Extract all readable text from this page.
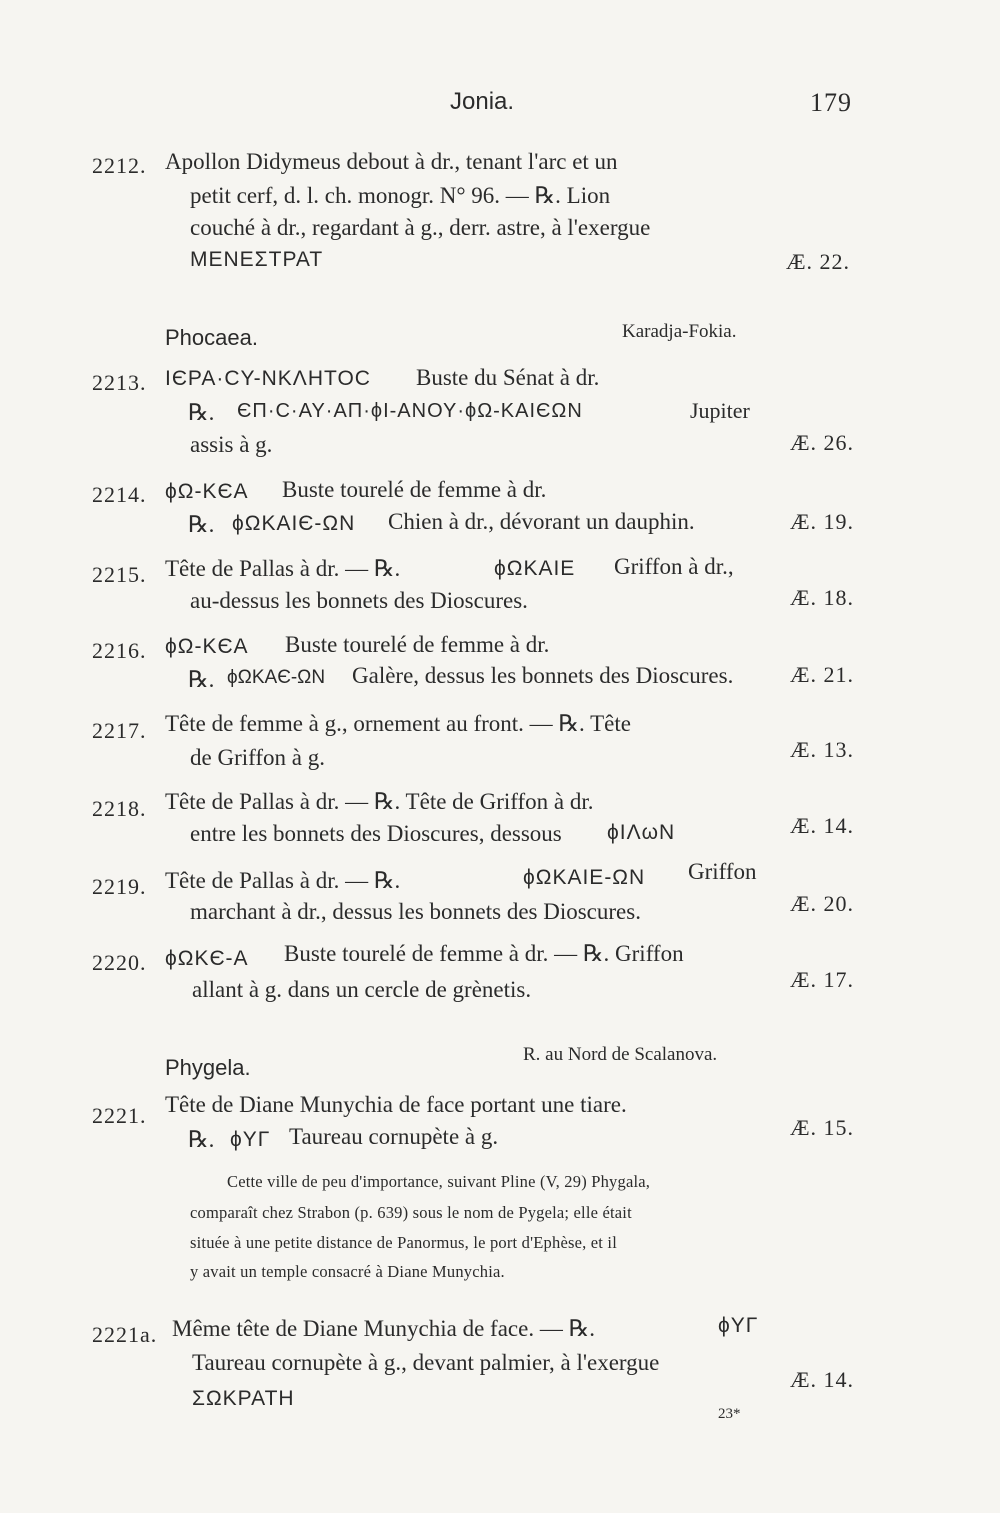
Jonia.	179
2212. Apollon Didymeus debout à dr., tenant l'arc et un
petit cerf, d. l. ch. monogr. N° 96. — ℞. Lion
couché à dr., regardant à g., derr. astre, à l'exergue
ΜΕΝΕΣΤΡΑΤ	Æ. 22.
Phocaea.	Karadja-Fokia.
2213. ΙЄΡΑ·CΥ-ΝΚΛΗΤΟC Buste du Sénat à dr.
℞. ЄΠ·C·ΑΥ·ΑΠ·ϕΙ-ΑΝΟΥ·ϕΩ-ΚΑΙЄΩΝ	Jupiter
assis à g.	Æ. 26.
2214. ϕΩ-ΚЄΑ Buste tourelé de femme à dr.
℞. ϕΩΚΑΙЄ-ΩΝ Chien à dr., dévorant un dauphin.	Æ. 19.
2215. Tête de Pallas à dr. — ℞.	ϕΩΚΑΙΕ Griffon à dr.,
au-dessus les bonnets des Dioscures.	Æ. 18.
2216. ϕΩ-ΚЄΑ Buste tourelé de femme à dr.
℞. ϕΩΚΑЄ-ΩΝ Galère, dessus les bonnets des Dioscures.	Æ. 21.
2217. Tête de femme à g., ornement au front. — ℞. Tête
de Griffon à g.	Æ. 13.
2218. Tête de Pallas à dr. — ℞. Tête de Griffon à dr.
entre les bonnets des Dioscures, dessous ϕΙΛωΝ	Æ. 14.
2219. Tête de Pallas à dr. — ℞.	ϕΩΚΑΙΕ-ΩΝ Griffon
marchant à dr., dessus les bonnets des Dioscures.	Æ. 20.
2220. ϕΩΚЄ-Α Buste tourelé de femme à dr. — ℞. Griffon
allant à g. dans un cercle de grènetis.	Æ. 17.
Phygela.
R. au Nord de Scalanova.
2221. Tête de Diane Munychia de face portant une tiare.
℞. ϕΥΓ Taureau cornupète à g.	Æ. 15.
Cette ville de peu d'importance, suivant Pline (V, 29) Phygala,
comparaît chez Strabon (p. 639) sous le nom de Pygela; elle était
située à une petite distance de Panormus, le port d'Ephèse, et il
y avait un temple consacré à Diane Munychia.
2221a. Même tête de Diane Munychia de face. — ℞.	ϕΥΓ
Taureau cornupète à g., devant palmier, à l'exergue
ΣΩΚΡΑΤΗ
Æ. 14.
23*
